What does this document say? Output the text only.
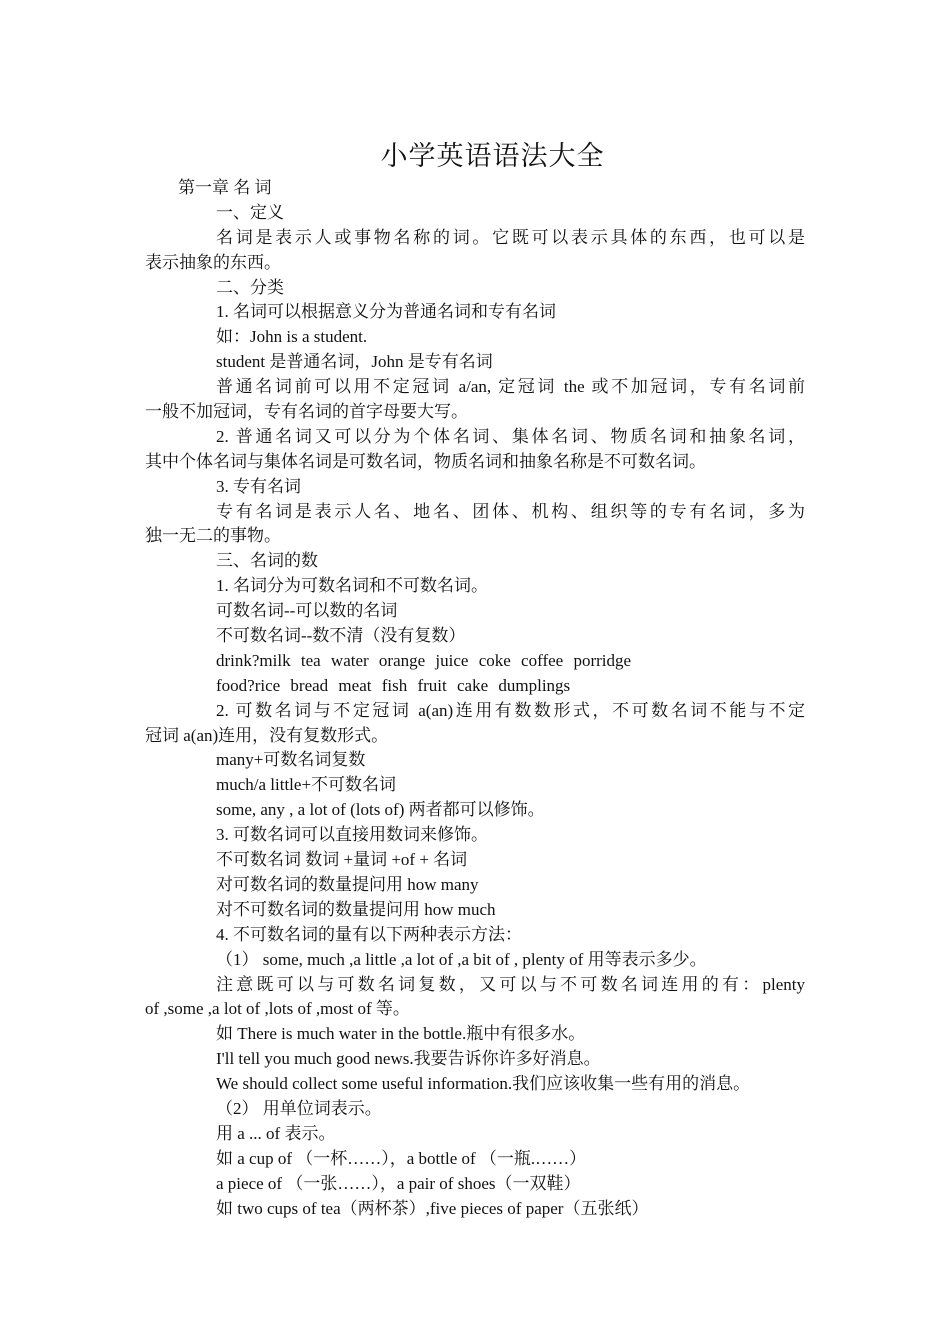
小学英语语法大全
第一章 名 词
一、定义
名词是表示人或事物名称的词。它既可以表示具体的东西，也可以是
表示抽象的东西。
二、分类
1. 名词可以根据意义分为普通名词和专有名词
如：John is a student.
student 是普通名词，John 是专有名词
普通名词前可以用不定冠词 a/an, 定冠词 the 或不加冠词，专有名词前
一般不加冠词，专有名词的首字母要大写。
2. 普通名词又可以分为个体名词、集体名词、物质名词和抽象名词，
其中个体名词与集体名词是可数名词，物质名词和抽象名称是不可数名词。
3. 专有名词
专有名词是表示人名、地名、团体、机构、组织等的专有名词，多为
独一无二的事物。
三、名词的数
1. 名词分为可数名词和不可数名词。
可数名词--可以数的名词
不可数名词--数不清（没有复数）
drink?milk tea water orange juice coke coffee porridge
food?rice bread meat fish fruit cake dumplings
2. 可数名词与不定冠词 a(an)连用有数数形式，不可数名词不能与不定
冠词 a(an)连用，没有复数形式。
many+可数名词复数
much/a little+不可数名词
some, any , a lot of (lots of) 两者都可以修饰。
3. 可数名词可以直接用数词来修饰。
不可数名词 数词 +量词 +of + 名词
对可数名词的数量提问用 how many
对不可数名词的数量提问用 how much
4. 不可数名词的量有以下两种表示方法：
（1） some, much ,a little ,a lot of ,a bit of , plenty of 用等表示多少。
注意既可以与可数名词复数，又可以与不可数名词连用的有：plenty
of ,some ,a lot of ,lots of ,most of 等。
如 There is much water in the bottle.瓶中有很多水。
I'll tell you much good news.我要告诉你许多好消息。
We should collect some useful information.我们应该收集一些有用的消息。
（2） 用单位词表示。
用 a ... of 表示。
如 a cup of （一杯……），a bottle of （一瓶.……）
a piece of （一张……），a pair of shoes（一双鞋）
如 two cups of tea（两杯茶）,five pieces of paper（五张纸）
